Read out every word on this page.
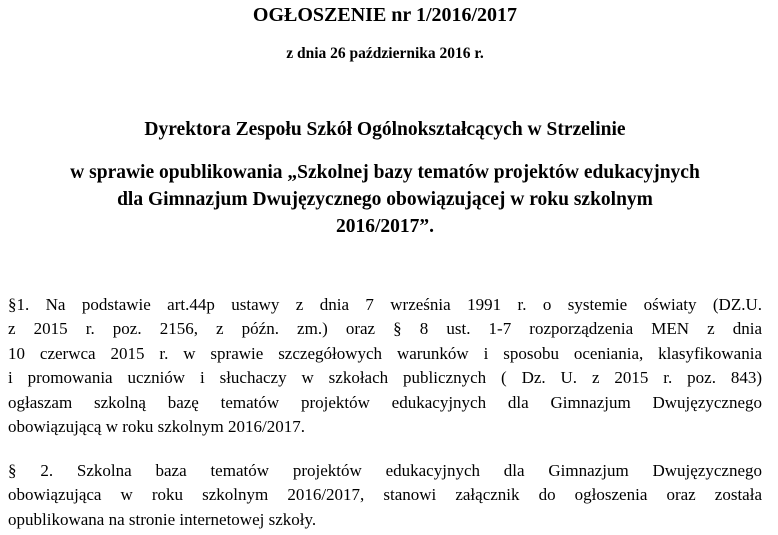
OGŁOSZENIE nr 1/2016/2017
z dnia 26 października 2016 r.
Dyrektora Zespołu Szkół Ogólnokształcących w Strzelinie
w sprawie opublikowania „Szkolnej bazy tematów projektów edukacyjnych
dla Gimnazjum Dwujęzycznego obowiązującej w roku szkolnym
2016/2017”.
§1. Na podstawie art.44p ustawy z dnia 7 września 1991 r. o systemie oświaty (DZ.U.
z 2015 r. poz. 2156, z późn. zm.) oraz § 8 ust. 1-7 rozporządzenia MEN z dnia
10 czerwca 2015 r. w sprawie szczegółowych warunków i sposobu oceniania, klasyfikowania
i promowania uczniów i słuchaczy w szkołach publicznych ( Dz. U. z 2015 r. poz. 843)
ogłaszam szkolną bazę tematów projektów edukacyjnych dla Gimnazjum Dwujęzycznego
obowiązującą w roku szkolnym 2016/2017.
§ 2. Szkolna baza tematów projektów edukacyjnych dla Gimnazjum Dwujęzycznego
obowiązująca w roku szkolnym 2016/2017, stanowi załącznik do ogłoszenia oraz została
opublikowana na stronie internetowej szkoły.
